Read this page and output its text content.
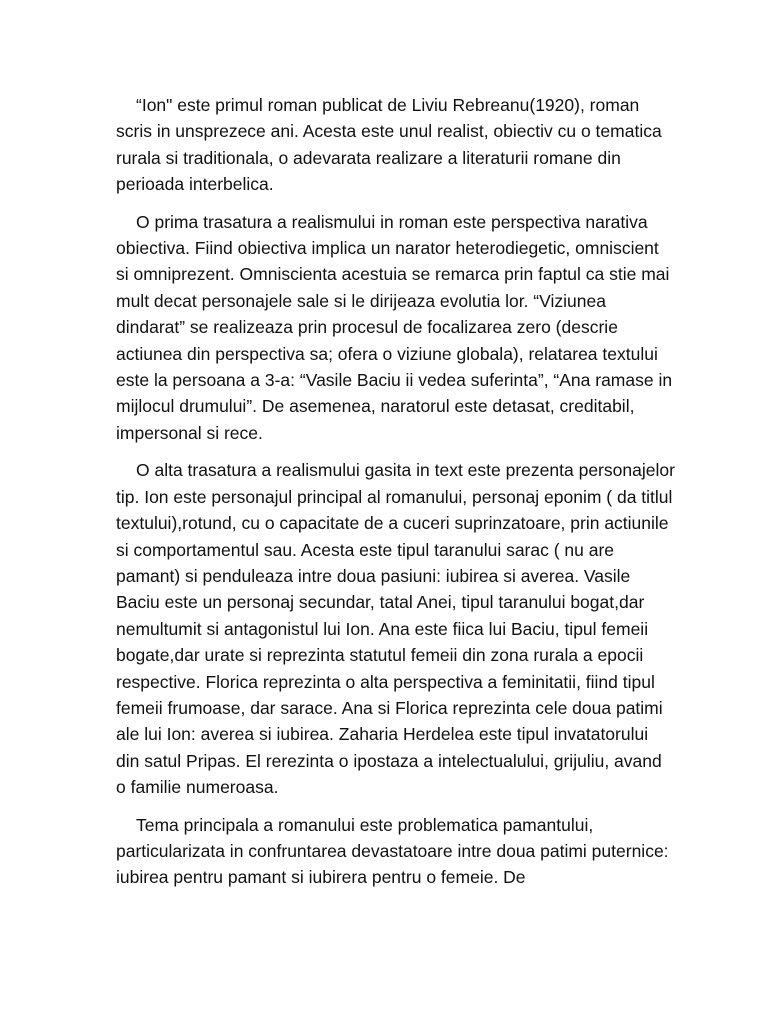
“Ion" este primul roman publicat de Liviu Rebreanu(1920), roman scris in unsprezece ani. Acesta este unul realist, obiectiv cu o tematica rurala si traditionala, o adevarata realizare a literaturii romane din perioada interbelica.

O prima trasatura a realismului in roman este perspectiva narativa obiectiva. Fiind obiectiva implica un narator heterodiegetic, omniscient si omniprezent. Omniscienta acestuia se remarca prin faptul ca stie mai mult decat personajele sale si le dirijeaza evolutia lor. “Viziunea dindarat” se realizeaza prin procesul de focalizarea zero (descrie actiunea din perspectiva sa; ofera o viziune globala), relatarea textului este la persoana a 3-a: “Vasile Baciu ii vedea suferinta”, “Ana ramase in mijlocul drumului”. De asemenea, naratorul este detasat, creditabil, impersonal si rece.

O alta trasatura a realismului gasita in text este prezenta personajelor tip. Ion este personajul principal al romanului, personaj eponim ( da titlul textului),rotund, cu o capacitate de a cuceri suprinzatoare, prin actiunile si comportamentul sau. Acesta este tipul taranului sarac ( nu are pamant) si penduleaza intre doua pasiuni: iubirea si averea. Vasile Baciu este un personaj secundar, tatal Anei, tipul taranului bogat,dar nemultumit si antagonistul lui Ion. Ana este fiica lui Baciu, tipul femeii bogate,dar urate si reprezinta statutul femeii din zona rurala a epocii respective. Florica reprezinta o alta perspectiva a feminitatii, fiind tipul femeii frumoase, dar sarace. Ana si Florica reprezinta cele doua patimi ale lui Ion: averea si iubirea. Zaharia Herdelea este tipul invatatorului din satul Pripas. El rerezinta o ipostaza a intelectualului, grijuliu, avand o familie numeroasa.

Tema principala a romanului este problematica pamantului, particularizata in confruntarea devastatoare intre doua patimi puternice: iubirea pentru pamant si iubirera pentru o femeie. De
